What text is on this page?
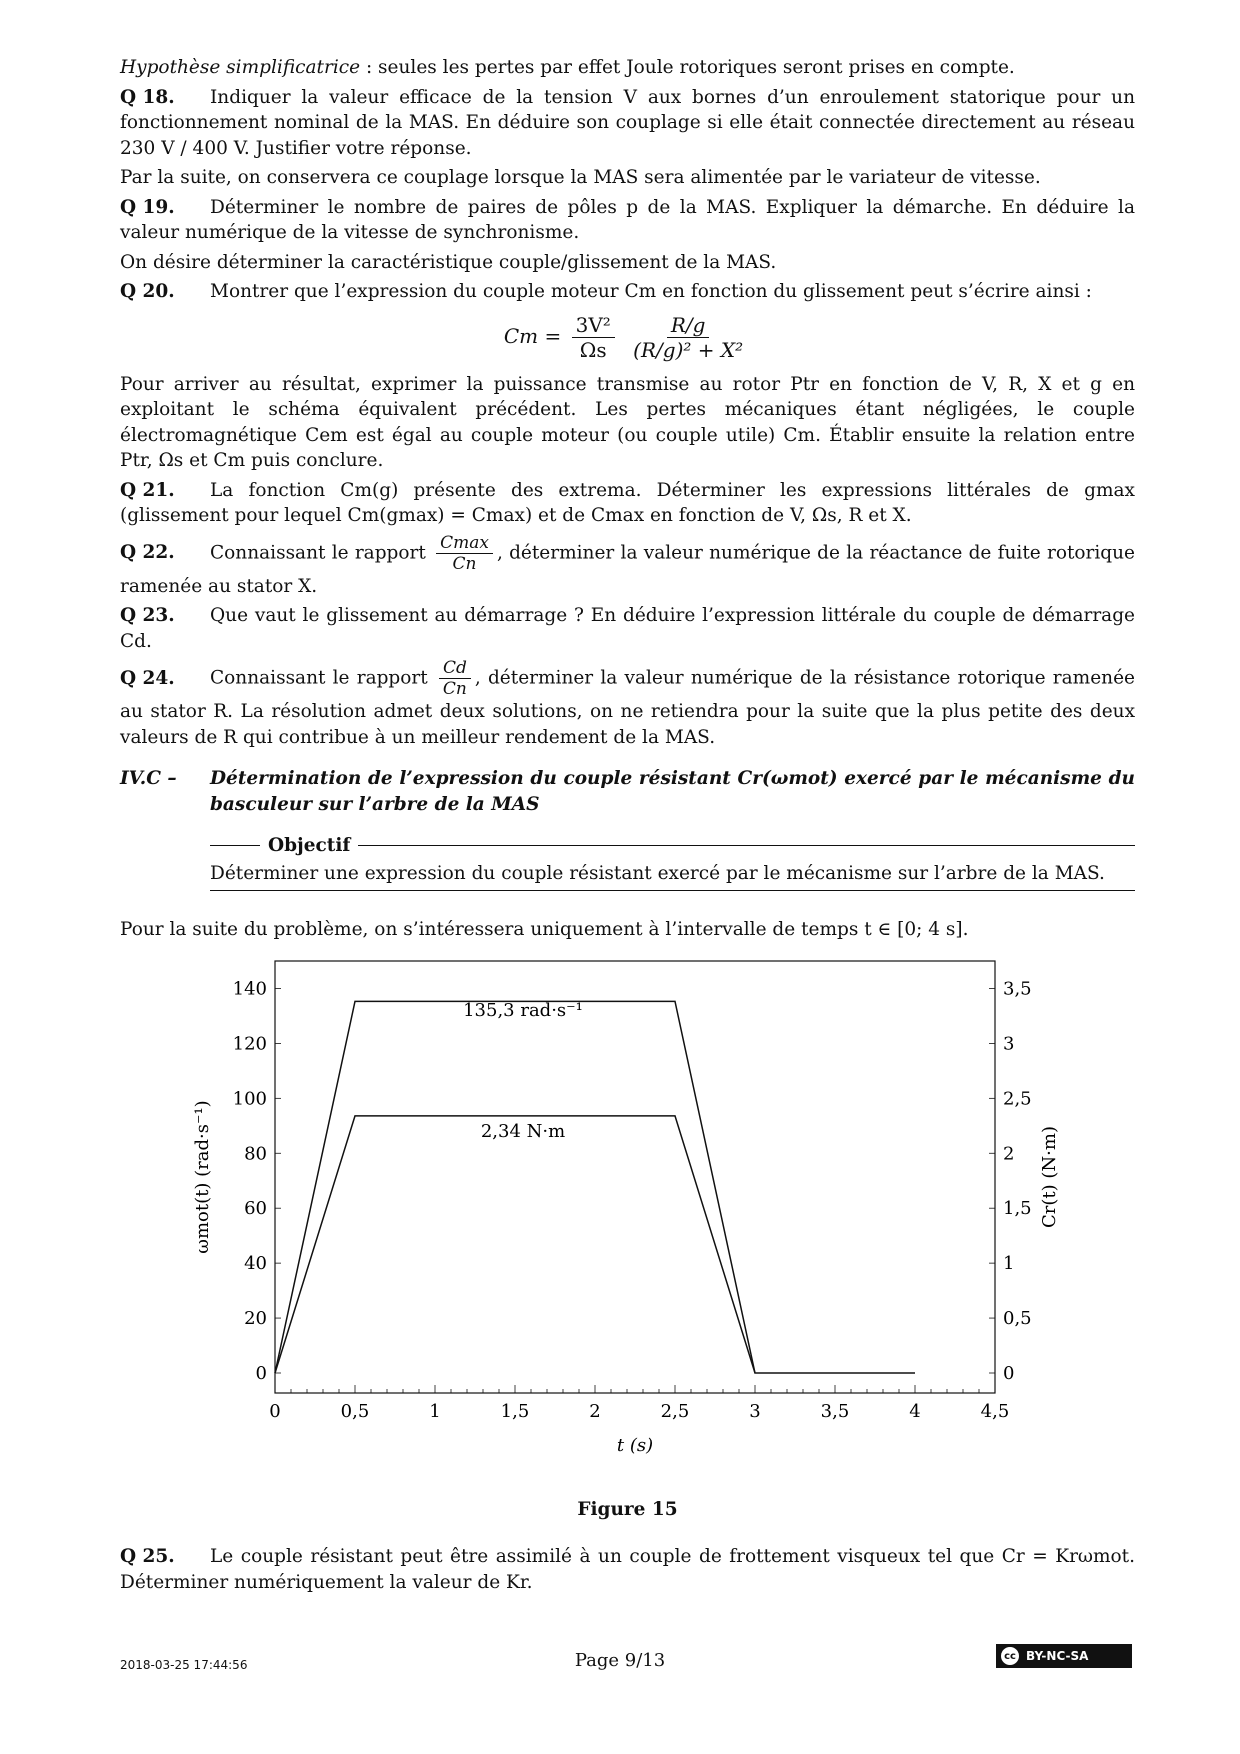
Hypothèse simplificatrice : seules les pertes par effet Joule rotoriques seront prises en compte.

Q 18. Indiquer la valeur efficace de la tension V aux bornes d’un enroulement statorique pour un fonctionnement nominal de la MAS. En déduire son couplage si elle était connectée directement au réseau 230 V / 400 V. Justifier votre réponse.

Par la suite, on conservera ce couplage lorsque la MAS sera alimentée par le variateur de vitesse.

Q 19. Déterminer le nombre de paires de pôles p de la MAS. Expliquer la démarche. En déduire la valeur numérique de la vitesse de synchronisme.

On désire déterminer la caractéristique couple/glissement de la MAS.

Q 20. Montrer que l’expression du couple moteur Cm en fonction du glissement peut s’écrire ainsi :
$Cm = \frac{\text{3V²}}{\Omega s}$
$\frac{R/g}{\text{(R/g)² + X²}}$

Pour arriver au résultat, exprimer la puissance transmise au rotor Ptr en fonction de V, R, X et g en exploitant le schéma équivalent précédent. Les pertes mécaniques étant négligées, le couple électromagnétique Cem est égal au couple moteur (ou couple utile) Cm. Établir ensuite la relation entre Ptr, Ωs et Cm puis conclure.

Q 21. La fonction Cm(g) présente des extrema. Déterminer les expressions littérales de gmax (glissement pour lequel Cm(gmax) = Cmax) et de Cmax en fonction de V, Ωs, R et X.
Q 22. Connaissant le rapport $\frac{Cmax}{Cn}$ , déterminer la valeur numérique de la réactance de fuite rotorique ramenée au stator X.
Q 23. Que vaut le glissement au démarrage ? En déduire l’expression littérale du couple de démarrage Cd.
Q 24. Connaissant le rapport $\frac{Cd}{Cn}$ , déterminer la valeur numérique de la résistance rotorique ramenée au stator R. La résolution admet deux solutions, on ne retiendra pour la suite que la plus petite des deux valeurs de R qui contribue à un meilleur rendement de la MAS.
IV.C –	Détermination de l’expression du couple résistant Cr(ωmot) exercé par le mécanisme du basculeur sur l’arbre de la MAS
Objectif
Déterminer une expression du couple résistant exercé par le mécanisme sur l’arbre de la MAS.

Pour la suite du problème, on s’intéressera uniquement à l’intervalle de temps t ∈ [0; 4 s].

0	0,5	1	1,5	2	2,5	3	3,5	4	4,5
0
20
40
60
80
100
120
140
0
0,5
1
1,5
2
2,5
3
3,5
135,3 rad·s⁻¹
2,34 N·m
t (s)
ωmot(t) (rad·s⁻¹)	Cr(t) (N·m)
Figure 15
Q 25. Le couple résistant peut être assimilé à un couple de frottement visqueux tel que Cr = Krωmot. Déterminer numériquement la valeur de Kr.
2018-03-25 17:44:56	Page 9/13	cc BY-NC-SA
